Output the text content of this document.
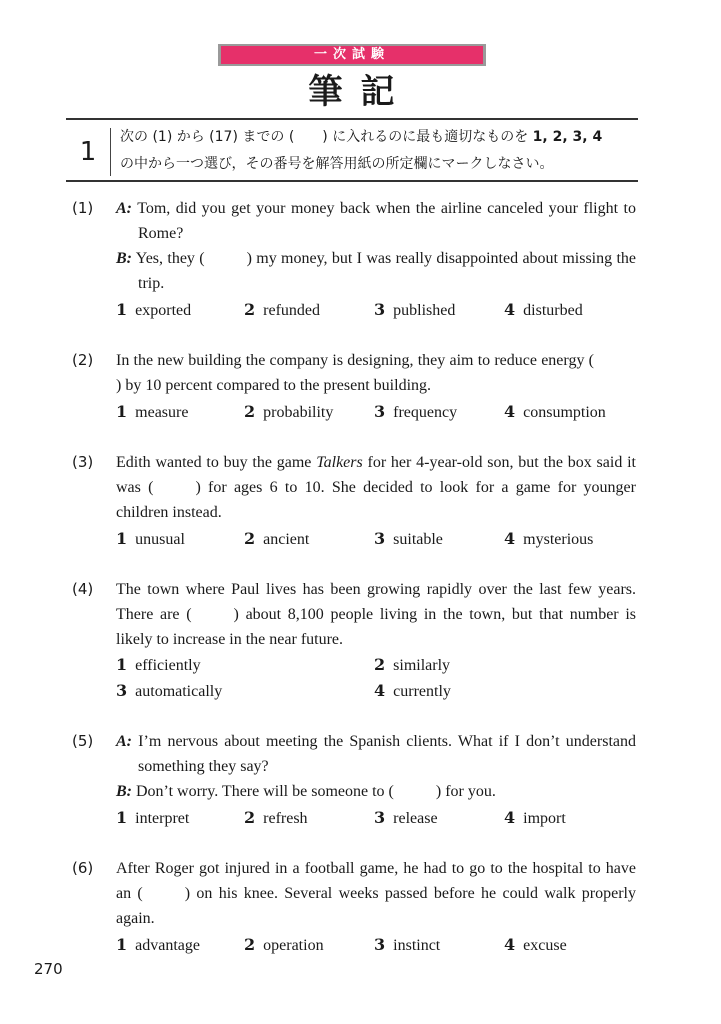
一次試験
筆記
1	次の (1) から (17) までの (　　) に入れるのに最も適切なものを 1, 2, 3, 4
の中から一つ選び，その番号を解答用紙の所定欄にマークしなさい。
(1)	A: Tom, did you get your money back when the airline canceled your flight to Rome?
B: Yes, they (	) my money, but I was really disappointed about missing the trip.
1 exported	2 refunded	3 published	4 disturbed
(2)	In the new building the company is designing, they aim to reduce energy () by 10 percent compared to the present building.
1 measure	2 probability	3 frequency	4 consumption
(3)	Edith wanted to buy the game Talkers for her 4-year-old son, but the box said it was (	) for ages 6 to 10. She decided to look for a game for younger children instead.
1 unusual	2 ancient	3 suitable	4 mysterious
(4)	The town where Paul lives has been growing rapidly over the last few years. There are (	) about 8,100 people living in the town, but that number is likely to increase in the near future.
1 efficiently	2 similarly
3 automatically	4 currently
(5)	A: I’m nervous about meeting the Spanish clients. What if I don’t understand something they say?
B: Don’t worry. There will be someone to (	) for you.
1 interpret	2 refresh	3 release	4 import
(6)	After Roger got injured in a football game, he had to go to the hospital to have an (	) on his knee. Several weeks passed before he could walk properly again.
1 advantage	2 operation	3 instinct	4 excuse
270
